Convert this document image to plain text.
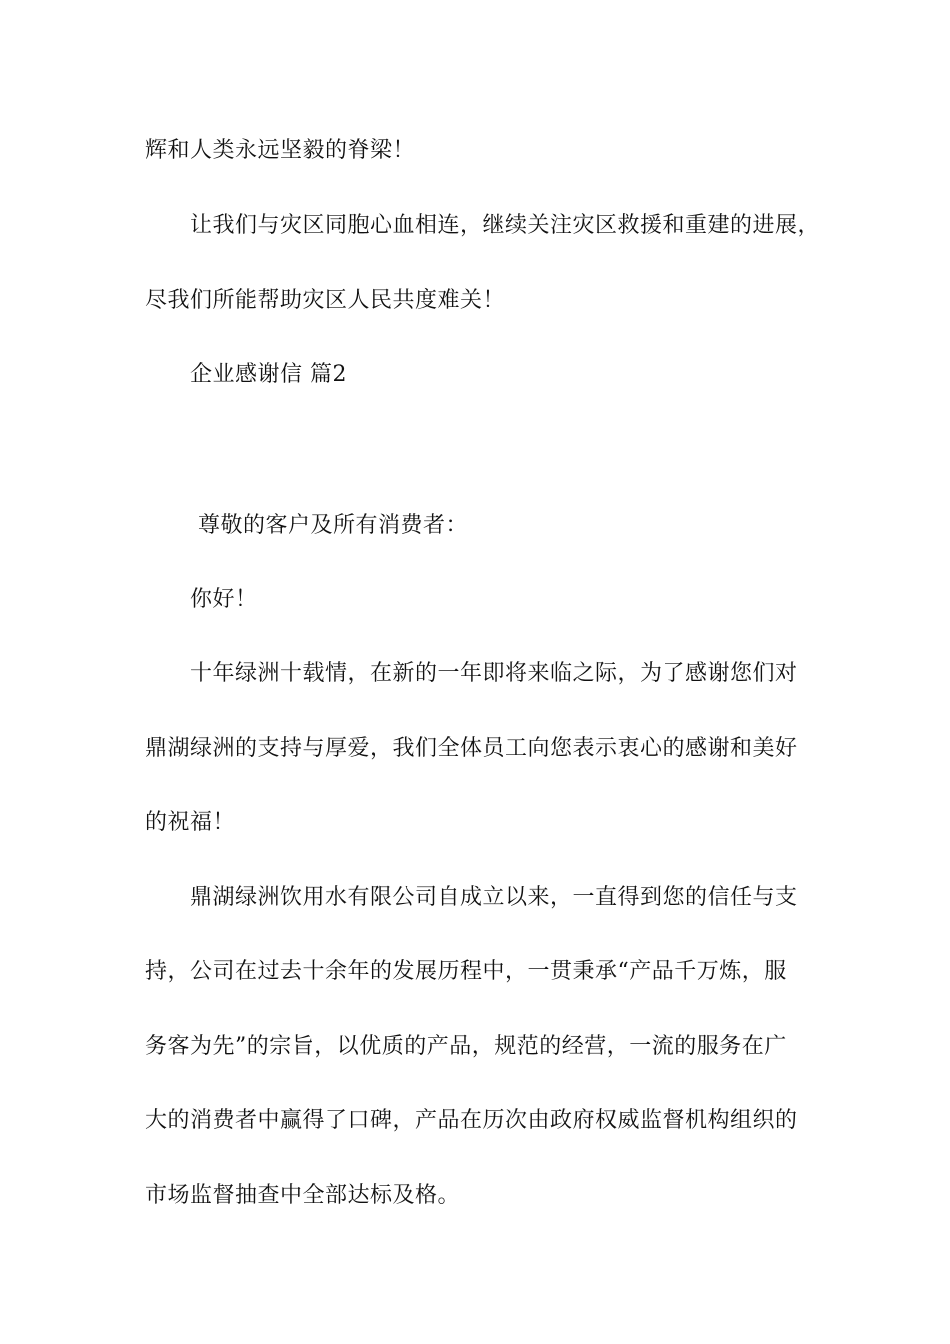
辉和人类永远坚毅的脊梁！
让我们与灾区同胞心血相连，继续关注灾区救援和重建的进展，
尽我们所能帮助灾区人民共度难关！
企业感谢信 篇2
尊敬的客户及所有消费者：
你好！
十年绿洲十载情，在新的一年即将来临之际，为了感谢您们对
鼎湖绿洲的支持与厚爱，我们全体员工向您表示衷心的感谢和美好
的祝福！
鼎湖绿洲饮用水有限公司自成立以来，一直得到您的信任与支
持，公司在过去十余年的发展历程中，一贯秉承“产品千万炼，服
务客为先”的宗旨，以优质的产品，规范的经营，一流的服务在广
大的消费者中赢得了口碑，产品在历次由政府权威监督机构组织的
市场监督抽查中全部达标及格。
